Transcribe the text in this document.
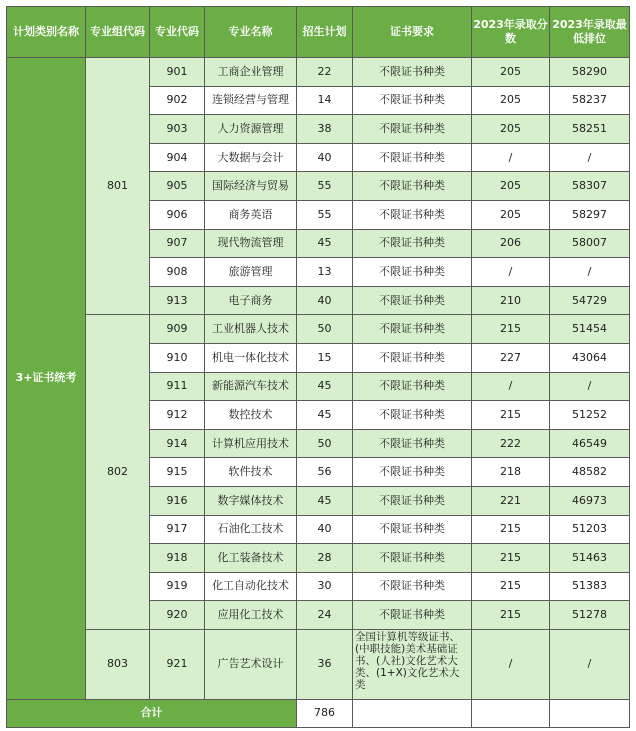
计划类别名称	专业组代码	专业代码	专业名称	招生计划	证书要求	2023年录取分数	2023年录取最低排位
3+证书统考	801	901	工商企业管理	22	不限证书种类	205	58290
		902	连锁经营与管理	14	不限证书种类	205	58237
		903	人力资源管理	38	不限证书种类	205	58251
		904	大数据与会计	40	不限证书种类	/	/
		905	国际经济与贸易	55	不限证书种类	205	58307
		906	商务英语	55	不限证书种类	205	58297
		907	现代物流管理	45	不限证书种类	206	58007
		908	旅游管理	13	不限证书种类	/	/
		913	电子商务	40	不限证书种类	210	54729
	802	909	工业机器人技术	50	不限证书种类	215	51454
		910	机电一体化技术	15	不限证书种类	227	43064
		911	新能源汽车技术	45	不限证书种类	/	/
		912	数控技术	45	不限证书种类	215	51252
		914	计算机应用技术	50	不限证书种类	222	46549
		915	软件技术	56	不限证书种类	218	48582
		916	数字媒体技术	45	不限证书种类	221	46973
		917	石油化工技术	40	不限证书种类	215	51203
		918	化工装备技术	28	不限证书种类	215	51463
		919	化工自动化技术	30	不限证书种类	215	51383
		920	应用化工技术	24	不限证书种类	215	51278
	803	921	广告艺术设计	36	全国计算机等级证书、(中职技能)美术基础证书、(人社)文化艺术大类、(1+X)文化艺术大类	/	/
合计				786			
